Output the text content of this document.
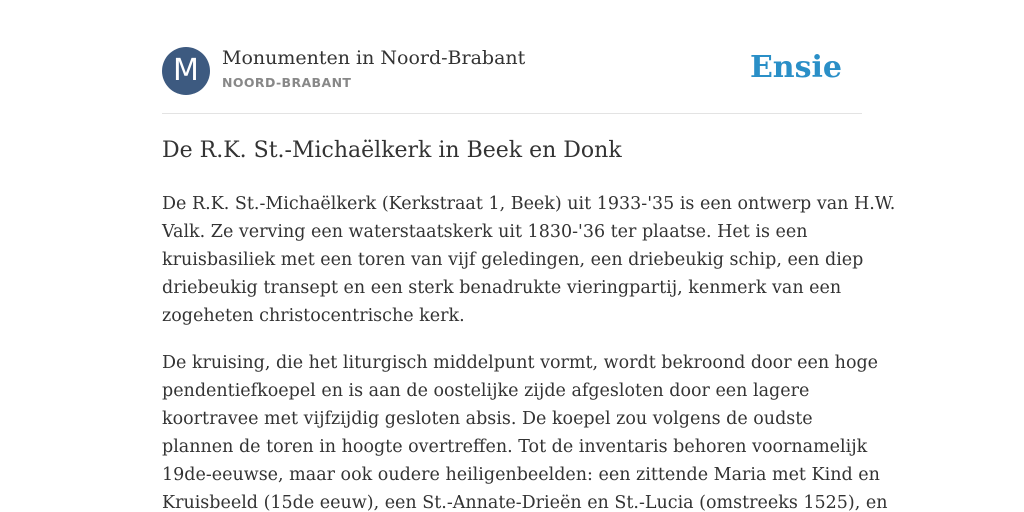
M	Monumenten in Noord-Brabant
NOORD-BRABANT	Ensie
De R.K. St.-Michaëlkerk in Beek en Donk

De R.K. St.-Michaëlkerk (Kerkstraat 1, Beek) uit 1933-'35 is een ontwerp van H.W.
Valk. Ze verving een waterstaatskerk uit 1830-'36 ter plaatse. Het is een
kruisbasiliek met een toren van vijf geledingen, een driebeukig schip, een diep
driebeukig transept en een sterk benadrukte vieringpartij, kenmerk van een
zogeheten christocentrische kerk.

De kruising, die het liturgisch middelpunt vormt, wordt bekroond door een hoge
pendentiefkoepel en is aan de oostelijke zijde afgesloten door een lagere
koortravee met vijfzijdig gesloten absis. De koepel zou volgens de oudste
plannen de toren in hoogte overtreffen. Tot de inventaris behoren voornamelijk
19de-eeuwse, maar ook oudere heiligenbeelden: een zittende Maria met Kind en
Kruisbeeld (15de eeuw), een St.-Annate-Drieën en St.-Lucia (omstreeks 1525), en
